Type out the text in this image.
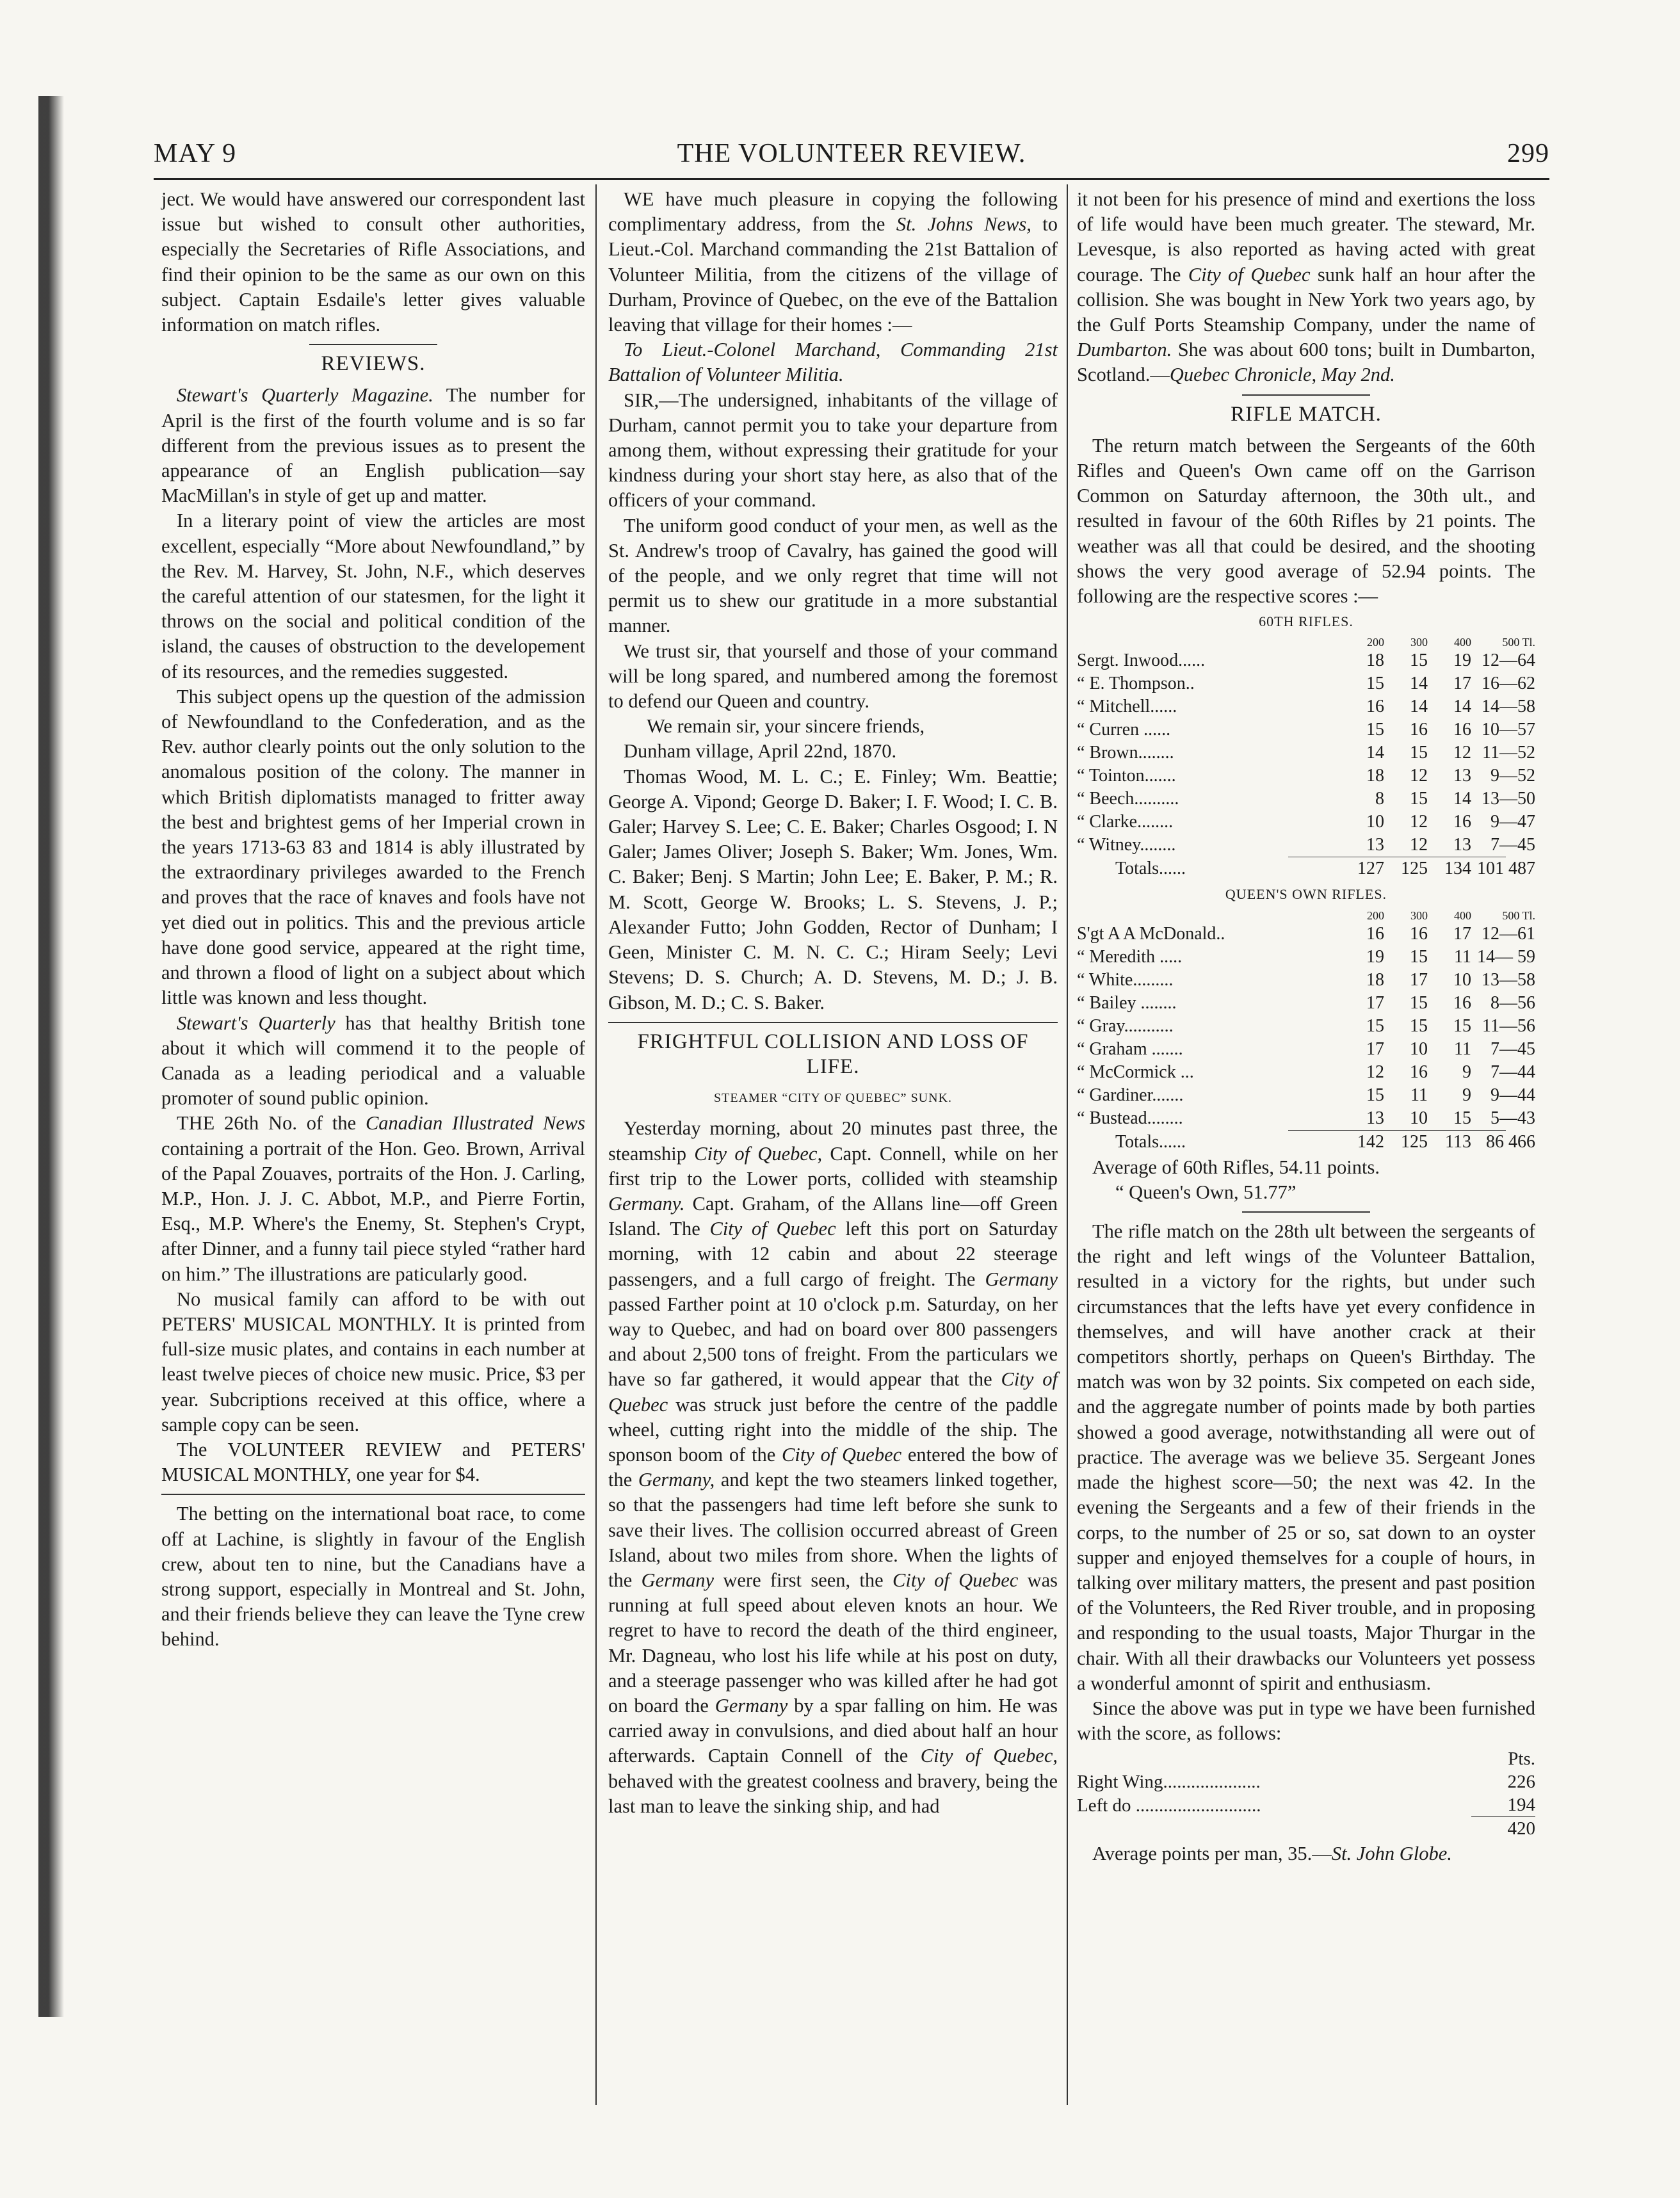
MAY 9	THE VOLUNTEER REVIEW.	299

ject. We would have answered our correspondent last issue but wished to consult other authorities, especially the Secretaries of Rifle Associations, and find their opinion to be the same as our own on this subject. Captain Esdaile's letter gives valuable information on match rifles.

REVIEWS.

Stewart's Quarterly Magazine. The number for April is the first of the fourth volume and is so far different from the previous issues as to present the appearance of an English publication—say MacMillan's in style of get up and matter.

In a literary point of view the articles are most excellent, especially “More about Newfoundland,” by the Rev. M. Harvey, St. John, N.F., which deserves the careful attention of our statesmen, for the light it throws on the social and political condition of the island, the causes of obstruction to the developement of its resources, and the remedies suggested.

This subject opens up the question of the admission of Newfoundland to the Confederation, and as the Rev. author clearly points out the only solution to the anomalous position of the colony. The manner in which British diplomatists managed to fritter away the best and brightest gems of her Imperial crown in the years 1713-63 83 and 1814 is ably illustrated by the extraordinary privileges awarded to the French and proves that the race of knaves and fools have not yet died out in politics. This and the previous article have done good service, appeared at the right time, and thrown a flood of light on a subject about which little was known and less thought.

Stewart's Quarterly has that healthy British tone about it which will commend it to the people of Canada as a leading periodical and a valuable promoter of sound public opinion.

THE 26th No. of the Canadian Illustrated News containing a portrait of the Hon. Geo. Brown, Arrival of the Papal Zouaves, portraits of the Hon. J. Carling, M.P., Hon. J. J. C. Abbot, M.P., and Pierre Fortin, Esq., M.P. Where's the Enemy, St. Stephen's Crypt, after Dinner, and a funny tail piece styled “rather hard on him.” The illustrations are paticularly good.

No musical family can afford to be with out PETERS' MUSICAL MONTHLY. It is printed from full-size music plates, and contains in each number at least twelve pieces of choice new music. Price, $3 per year. Subcriptions received at this office, where a sample copy can be seen.

The VOLUNTEER REVIEW and PETERS' MUSICAL MONTHLY, one year for $4.

The betting on the international boat race, to come off at Lachine, is slightly in favour of the English crew, about ten to nine, but the Canadians have a strong support, especially in Montreal and St. John, and their friends believe they can leave the Tyne crew behind.

WE have much pleasure in copying the following complimentary address, from the St. Johns News, to Lieut.-Col. Marchand commanding the 21st Battalion of Volunteer Militia, from the citizens of the village of Durham, Province of Quebec, on the eve of the Battalion leaving that village for their homes :—

To Lieut.-Colonel Marchand, Commanding 21st Battalion of Volunteer Militia.

SIR,—The undersigned, inhabitants of the village of Durham, cannot permit you to take your departure from among them, without expressing their gratitude for your kindness during your short stay here, as also that of the officers of your command.

The uniform good conduct of your men, as well as the St. Andrew's troop of Cavalry, has gained the good will of the people, and we only regret that time will not permit us to shew our gratitude in a more substantial manner.

We trust sir, that yourself and those of your command will be long spared, and numbered among the foremost to defend our Queen and country.

We remain sir, your sincere friends,

Dunham village, April 22nd, 1870.

Thomas Wood, M. L. C.; E. Finley; Wm. Beattie; George A. Vipond; George D. Baker; I. F. Wood; I. C. B. Galer; Harvey S. Lee; C. E. Baker; Charles Osgood; I. N Galer; James Oliver; Joseph S. Baker; Wm. Jones, Wm. C. Baker; Benj. S Martin; John Lee; E. Baker, P. M.; R. M. Scott, George W. Brooks; L. S. Stevens, J. P.; Alexander Futto; John Godden, Rector of Dunham; I Geen, Minister C. M. N. C. C.; Hiram Seely; Levi Stevens; D. S. Church; A. D. Stevens, M. D.; J. B. Gibson, M. D.; C. S. Baker.

FRIGHTFUL COLLISION AND LOSS OF LIFE.
STEAMER “CITY OF QUEBEC” SUNK.

Yesterday morning, about 20 minutes past three, the steamship City of Quebec, Capt. Connell, while on her first trip to the Lower ports, collided with steamship Germany. Capt. Graham, of the Allans line—off Green Island. The City of Quebec left this port on Saturday morning, with 12 cabin and about 22 steerage passengers, and a full cargo of freight. The Germany passed Farther point at 10 o'clock p.m. Saturday, on her way to Quebec, and had on board over 800 passengers and about 2,500 tons of freight. From the particulars we have so far gathered, it would appear that the City of Quebec was struck just before the centre of the paddle wheel, cutting right into the middle of the ship. The sponson boom of the City of Quebec entered the bow of the Germany, and kept the two steamers linked together, so that the passengers had time left before she sunk to save their lives. The collision occurred abreast of Green Island, about two miles from shore. When the lights of the Germany were first seen, the City of Quebec was running at full speed about eleven knots an hour. We regret to have to record the death of the third engineer, Mr. Dagneau, who lost his life while at his post on duty, and a steerage passenger who was killed after he had got on board the Germany by a spar falling on him. He was carried away in convulsions, and died about half an hour afterwards. Captain Connell of the City of Quebec, behaved with the greatest coolness and bravery, being the last man to leave the sinking ship, and had

it not been for his presence of mind and exertions the loss of life would have been much greater. The steward, Mr. Levesque, is also reported as having acted with great courage. The City of Quebec sunk half an hour after the collision. She was bought in New York two years ago, by the Gulf Ports Steamship Company, under the name of Dumbarton. She was about 600 tons; built in Dumbarton, Scotland.—Quebec Chronicle, May 2nd.

RIFLE MATCH.

The return match between the Sergeants of the 60th Rifles and Queen's Own came off on the Garrison Common on Saturday afternoon, the 30th ult., and resulted in favour of the 60th Rifles by 21 points. The weather was all that could be desired, and the shooting shows the very good average of 52.94 points. The following are the respective scores :—

60TH RIFLES.
	200	300	400	500 Tl.
Sergt. Inwood......	18	15	19	12—64
“ E. Thompson..	15	14	17	16—62
“ Mitchell......	16	14	14	14—58
“ Curren ......	15	16	16	10—57
“ Brown........	14	15	12	11—52
“ Tointon.......	18	12	13	9—52
“ Beech..........	8	15	14	13—50
“ Clarke........	10	12	16	9—47
“ Witney........	13	12	13	7—45

Totals......	127	125	134	101 487
QUEEN'S OWN RIFLES.
	200	300	400	500 Tl.
S'gt A A McDonald..	16	16	17	12—61
“ Meredith .....	19	15	11	14— 59
“ White.........	18	17	10	13—58
“ Bailey ........	17	15	16	8—56
“ Gray...........	15	15	15	11—56
“ Graham .......	17	10	11	7—45
“ McCormick ...	12	16	9	7—44
“ Gardiner.......	15	11	9	9—44
“ Bustead........	13	10	15	5—43

Totals......	142	125	113	86 466

Average of 60th Rifles, 54.11 points.

“ Queen's Own, 51.77”

The rifle match on the 28th ult between the sergeants of the right and left wings of the Volunteer Battalion, resulted in a victory for the rights, but under such circumstances that the lefts have yet every confidence in themselves, and will have another crack at their competitors shortly, perhaps on Queen's Birthday. The match was won by 32 points. Six competed on each side, and the aggregate number of points made by both parties showed a good average, notwithstanding all were out of practice. The average was we believe 35. Sergeant Jones made the highest score—50; the next was 42. In the evening the Sergeants and a few of their friends in the corps, to the number of 25 or so, sat down to an oyster supper and enjoyed themselves for a couple of hours, in talking over military matters, the present and past position of the Volunteers, the Red River trouble, and in proposing and responding to the usual toasts, Major Thurgar in the chair. With all their drawbacks our Volunteers yet possess a wonderful amonnt of spirit and enthusiasm.

Since the above was put in type we have been furnished with the score, as follows:

	Pts.
Right Wing.....................	226
Left do ...........................	194
	420

Average points per man, 35.—St. John Globe.
